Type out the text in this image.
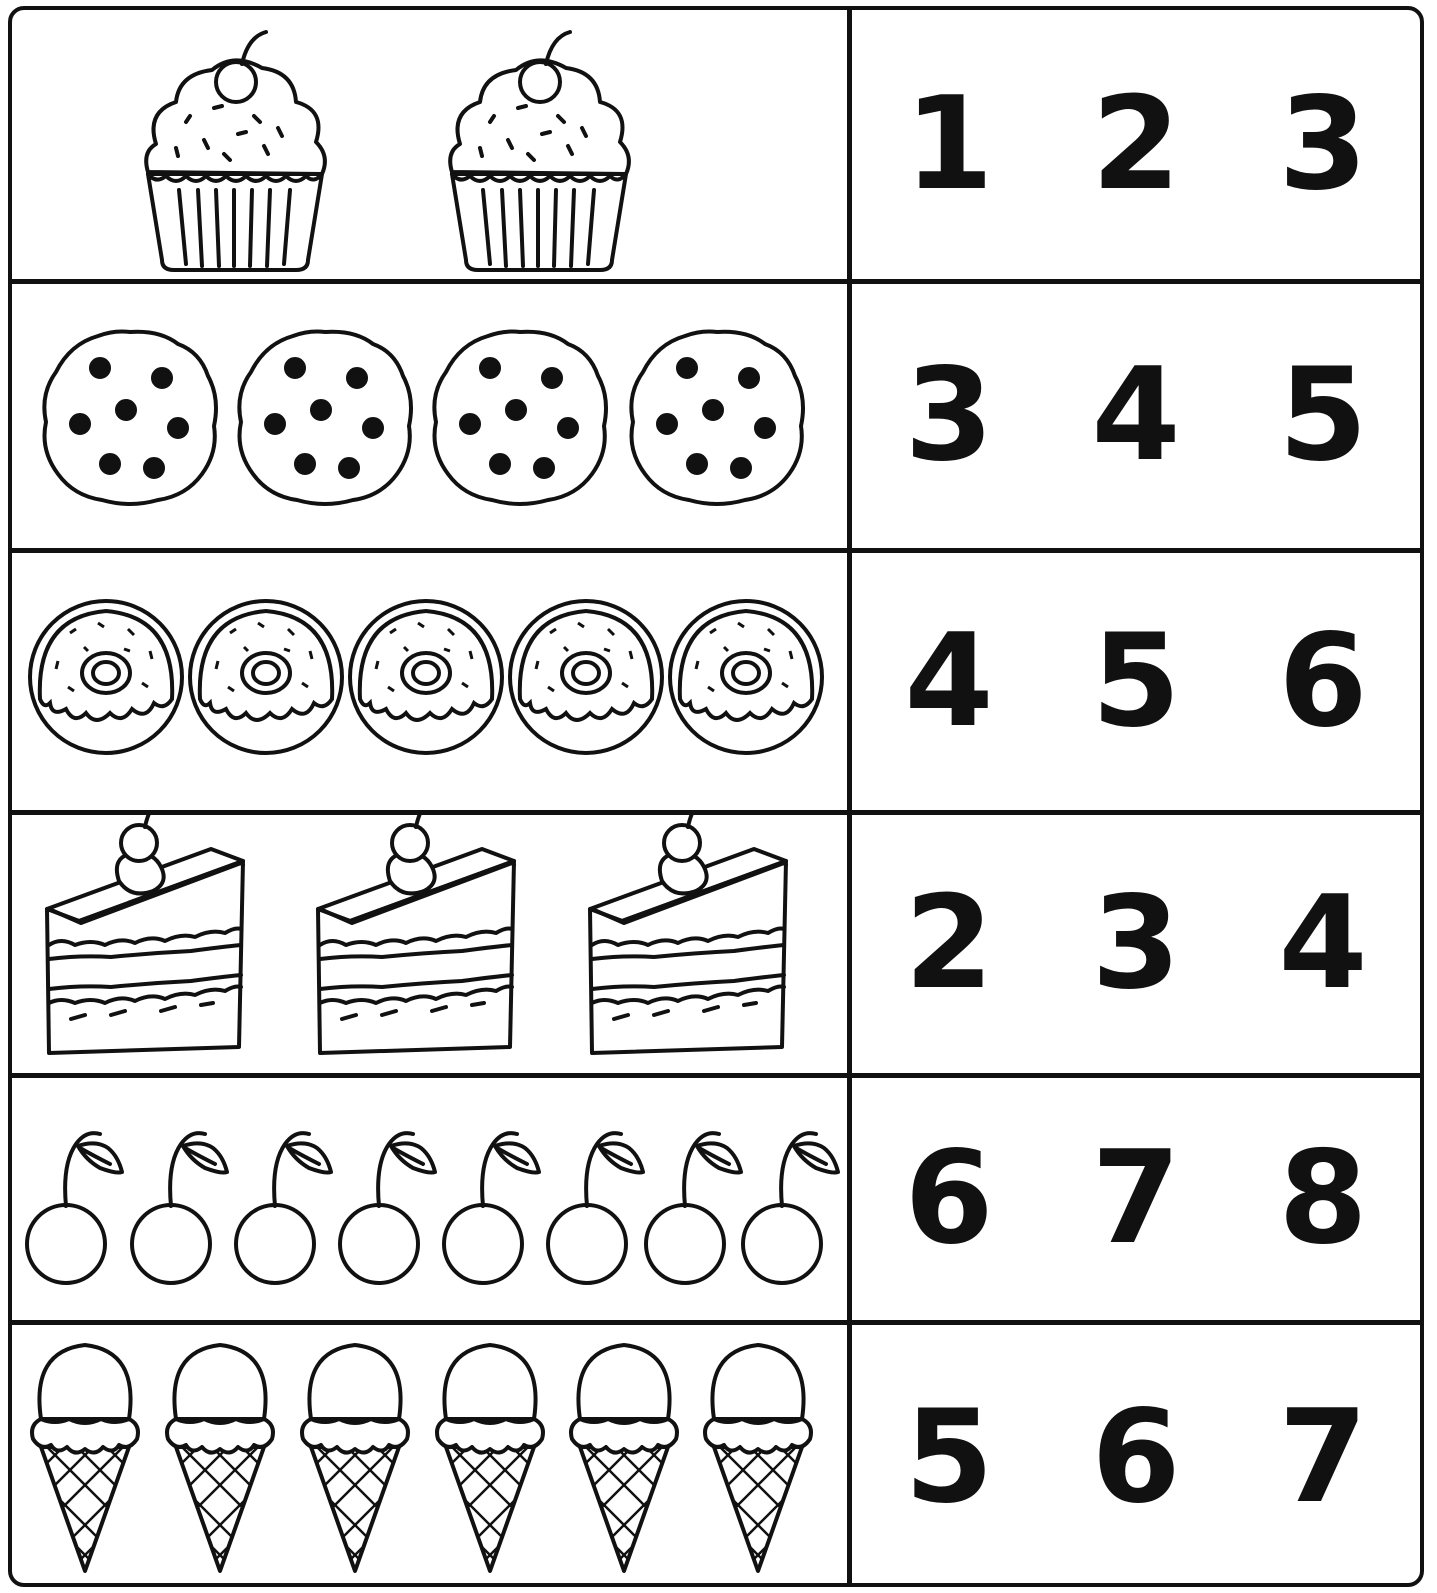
1 2 3
3 4 5
4 5 6
2 3 4
6 7 8
5 6 7
